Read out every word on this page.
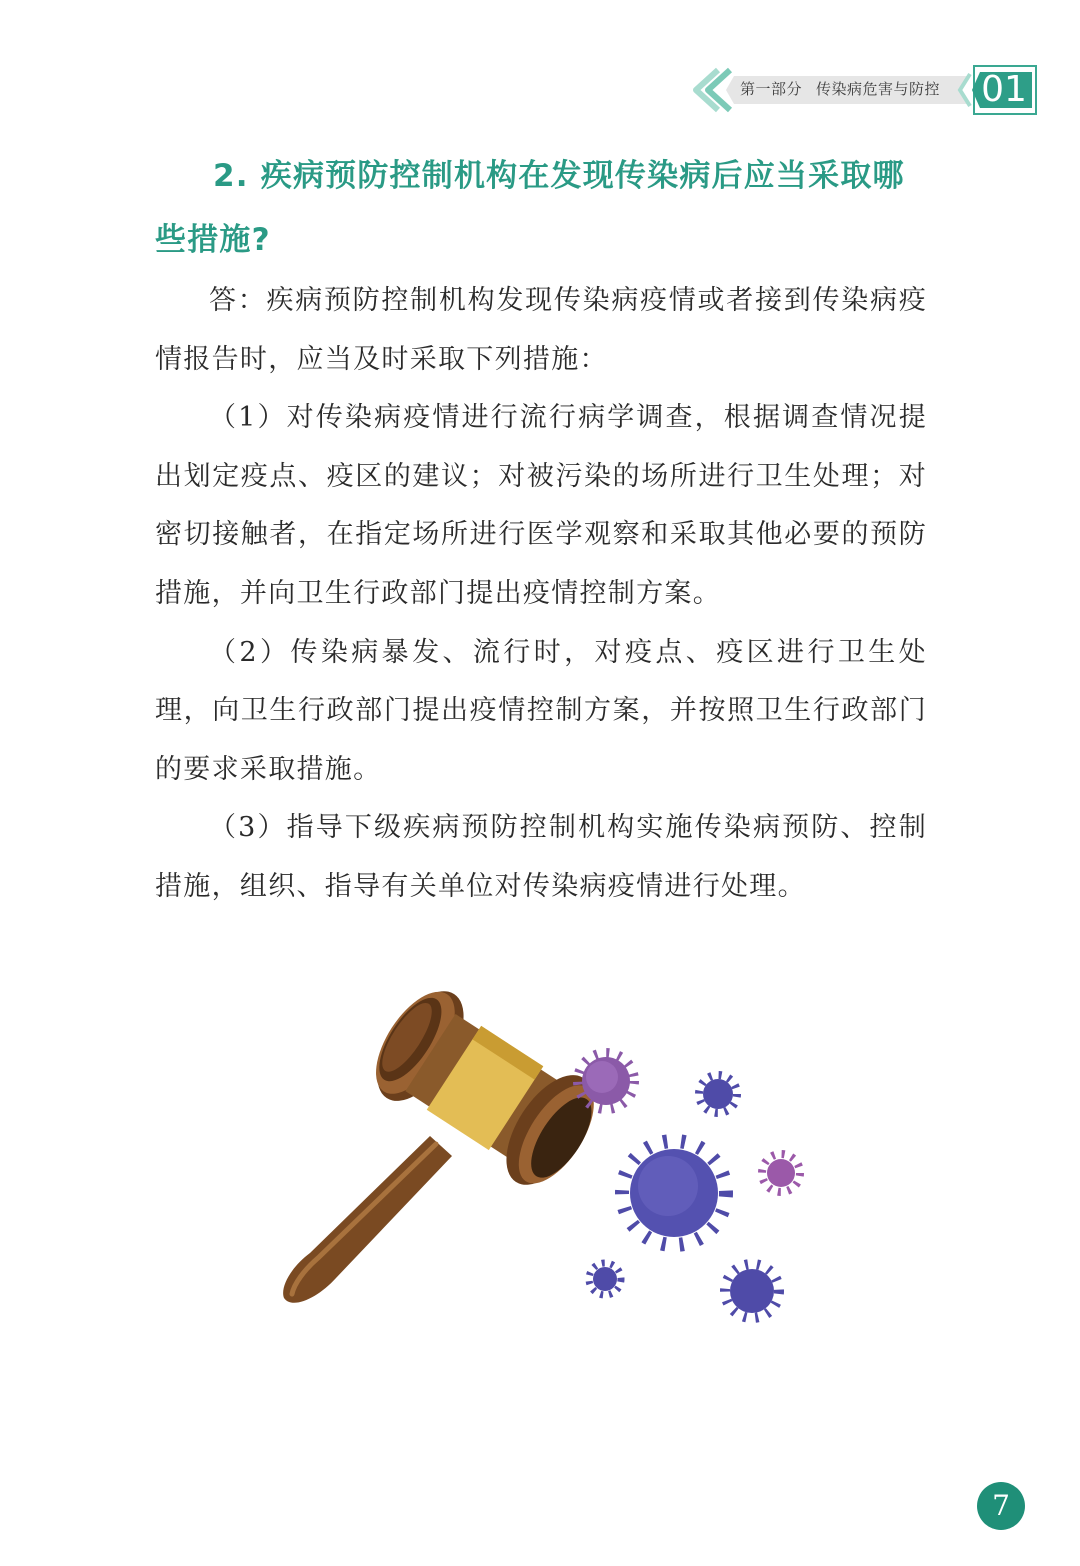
第一部分 传染病危害与防控	01
2. 疾病预防控制机构在发现传染病后应当采取哪些措施?

答：疾病预防控制机构发现传染病疫情或者接到传染病疫情报告时，应当及时采取下列措施：

（1）对传染病疫情进行流行病学调查，根据调查情况提出划定疫点、疫区的建议；对被污染的场所进行卫生处理；对密切接触者，在指定场所进行医学观察和采取其他必要的预防措施，并向卫生行政部门提出疫情控制方案。

（2）传染病暴发、流行时，对疫点、疫区进行卫生处理，向卫生行政部门提出疫情控制方案，并按照卫生行政部门的要求采取措施。

（3）指导下级疾病预防控制机构实施传染病预防、控制措施，组织、指导有关单位对传染病疫情进行处理。

7
